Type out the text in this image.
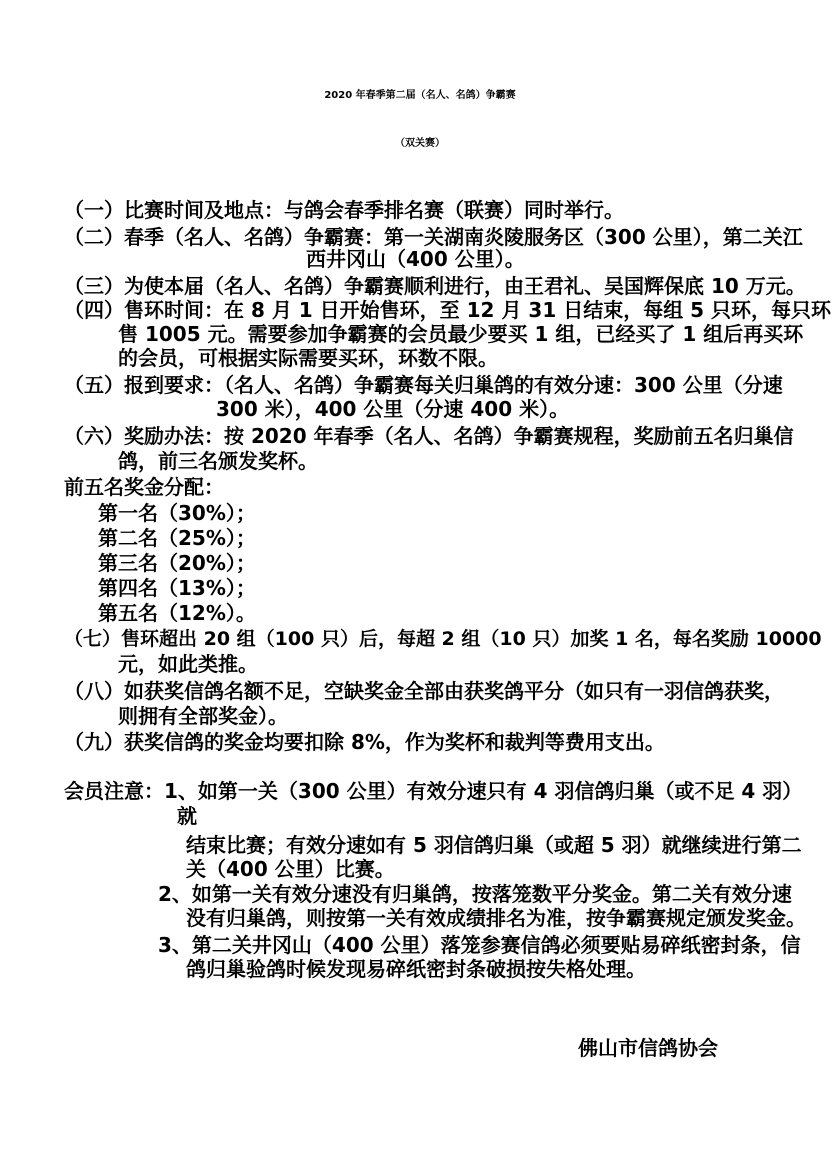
2020 年春季第二届（名人、名鸽）争霸赛
（双关赛）
（一）比赛时间及地点：与鸽会春季排名赛（联赛）同时举行。
（二）春季（名人、名鸽）争霸赛：第一关湖南炎陵服务区（300 公里），第二关江
西井冈山（400 公里）。
（三）为使本届（名人、名鸽）争霸赛顺利进行，由王君礼、吴国辉保底 10 万元。
（四）售环时间：在 8 月 1 日开始售环，至 12 月 31 日结束，每组 5 只环，每只环
售 1005 元。需要参加争霸赛的会员最少要买 1 组，已经买了 1 组后再买环
的会员，可根据实际需要买环，环数不限。
（五）报到要求：（名人、名鸽）争霸赛每关归巢鸽的有效分速：300 公里（分速
300 米），400 公里（分速 400 米）。
（六）奖励办法：按 2020 年春季（名人、名鸽）争霸赛规程，奖励前五名归巢信
鸽，前三名颁发奖杯。
前五名奖金分配：
第一名（30%）；
第二名（25%）；
第三名（20%）；
第四名（13%）；
第五名（12%）。
（七）售环超出 20 组（100 只）后，每超 2 组（10 只）加奖 1 名，每名奖励 10000
元，如此类推。
（八）如获奖信鸽名额不足，空缺奖金全部由获奖鸽平分（如只有一羽信鸽获奖，
则拥有全部奖金）。
（九）获奖信鸽的奖金均要扣除 8%，作为奖杯和裁判等费用支出。
会员注意：1、如第一关（300 公里）有效分速只有 4 羽信鸽归巢（或不足 4 羽）
就
结束比赛；有效分速如有 5 羽信鸽归巢（或超 5 羽）就继续进行第二
关（400 公里）比赛。
2、如第一关有效分速没有归巢鸽，按落笼数平分奖金。第二关有效分速
没有归巢鸽，则按第一关有效成绩排名为准，按争霸赛规定颁发奖金。
3、第二关井冈山（400 公里）落笼参赛信鸽必须要贴易碎纸密封条，信
鸽归巢验鸽时候发现易碎纸密封条破损按失格处理。
佛山市信鸽协会
